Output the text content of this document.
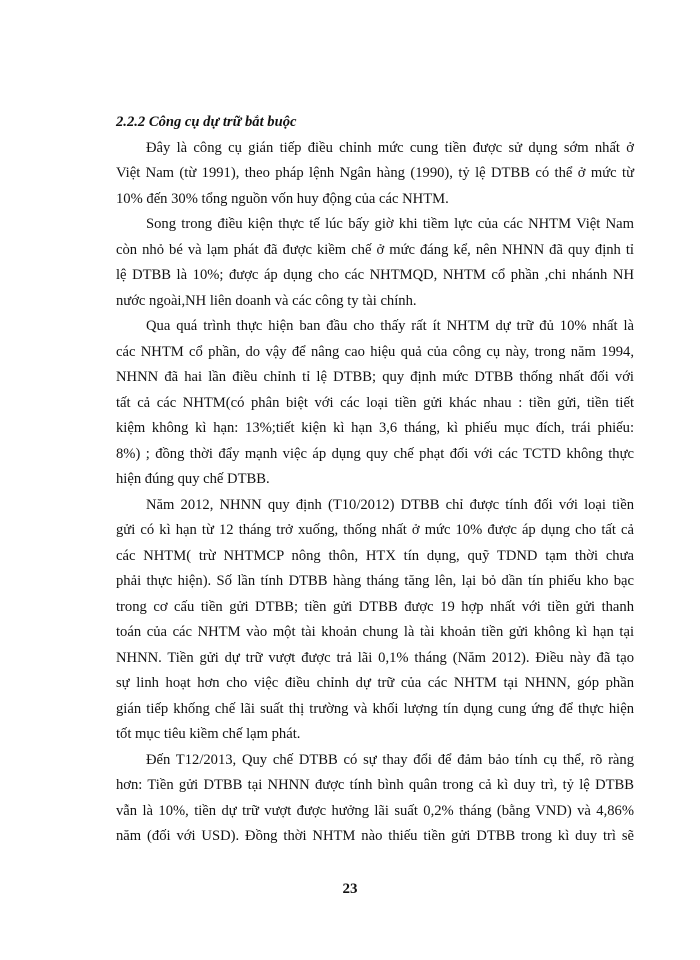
2.2.2 Công cụ dự trữ bắt buộc
Đây là công cụ gián tiếp điều chỉnh mức cung tiền được sử dụng sớm nhất ở
Việt Nam (từ 1991), theo pháp lệnh Ngân hàng (1990), tỷ lệ DTBB có thể ở mức từ
10% đến 30% tổng nguồn vốn huy động của các NHTM.
Song trong điều kiện thực tế lúc bấy giờ khi tiềm lực của các NHTM Việt Nam
còn nhỏ bé và lạm phát đã được kiềm chế ở mức đáng kể, nên NHNN đã quy định tỉ
lệ DTBB là 10%; được áp dụng cho các NHTMQD, NHTM cổ phần ,chi nhánh NH
nước ngoài,NH liên doanh và các công ty tài chính.
Qua quá trình thực hiện ban đầu cho thấy rất ít NHTM dự trữ đủ 10% nhất là
các NHTM cổ phần, do vậy để nâng cao hiệu quả của công cụ này, trong năm 1994,
NHNN đã hai lần điều chỉnh tỉ lệ DTBB; quy định mức DTBB thống nhất đối với
tất cả các NHTM(có phân biệt với các loại tiền gửi khác nhau : tiền gửi, tiền tiết
kiệm không kì hạn: 13%;tiết kiện kì hạn 3,6 tháng, kì phiếu mục đích, trái phiếu:
8%) ; đồng thời đẩy mạnh việc áp dụng quy chế phạt đối với các TCTD không thực
hiện đúng quy chế DTBB.
Năm 2012, NHNN quy định (T10/2012) DTBB chỉ được tính đối với loại tiền
gửi có kì hạn từ 12 tháng trở xuống, thống nhất ở mức 10% được áp dụng cho tất cả
các NHTM( trừ NHTMCP nông thôn, HTX tín dụng, quỹ TDND tạm thời chưa
phải thực hiện). Số lần tính DTBB hàng tháng tăng lên, lại bỏ dần tín phiếu kho bạc
trong cơ cấu tiền gửi DTBB; tiền gửi DTBB được 19 hợp nhất với tiền gửi thanh
toán của các NHTM vào một tài khoản chung là tài khoản tiền gửi không kì hạn tại
NHNN. Tiền gửi dự trữ vượt được trả lãi 0,1% tháng (Năm 2012). Điều này đã tạo
sự linh hoạt hơn cho việc điều chỉnh dự trữ của các NHTM tại NHNN, góp phần
gián tiếp khống chế lãi suất thị trường và khối lượng tín dụng cung ứng để thực hiện
tốt mục tiêu kiềm chế lạm phát.
Đến T12/2013, Quy chế DTBB có sự thay đổi để đảm bảo tính cụ thể, rõ ràng
hơn: Tiền gửi DTBB tại NHNN được tính bình quân trong cả kì duy trì, tỷ lệ DTBB
vẫn là 10%, tiền dự trữ vượt được hưởng lãi suất 0,2% tháng (bằng VND) và 4,86%
năm (đối với USD). Đồng thời NHTM nào thiếu tiền gửi DTBB trong kì duy trì sẽ
23
